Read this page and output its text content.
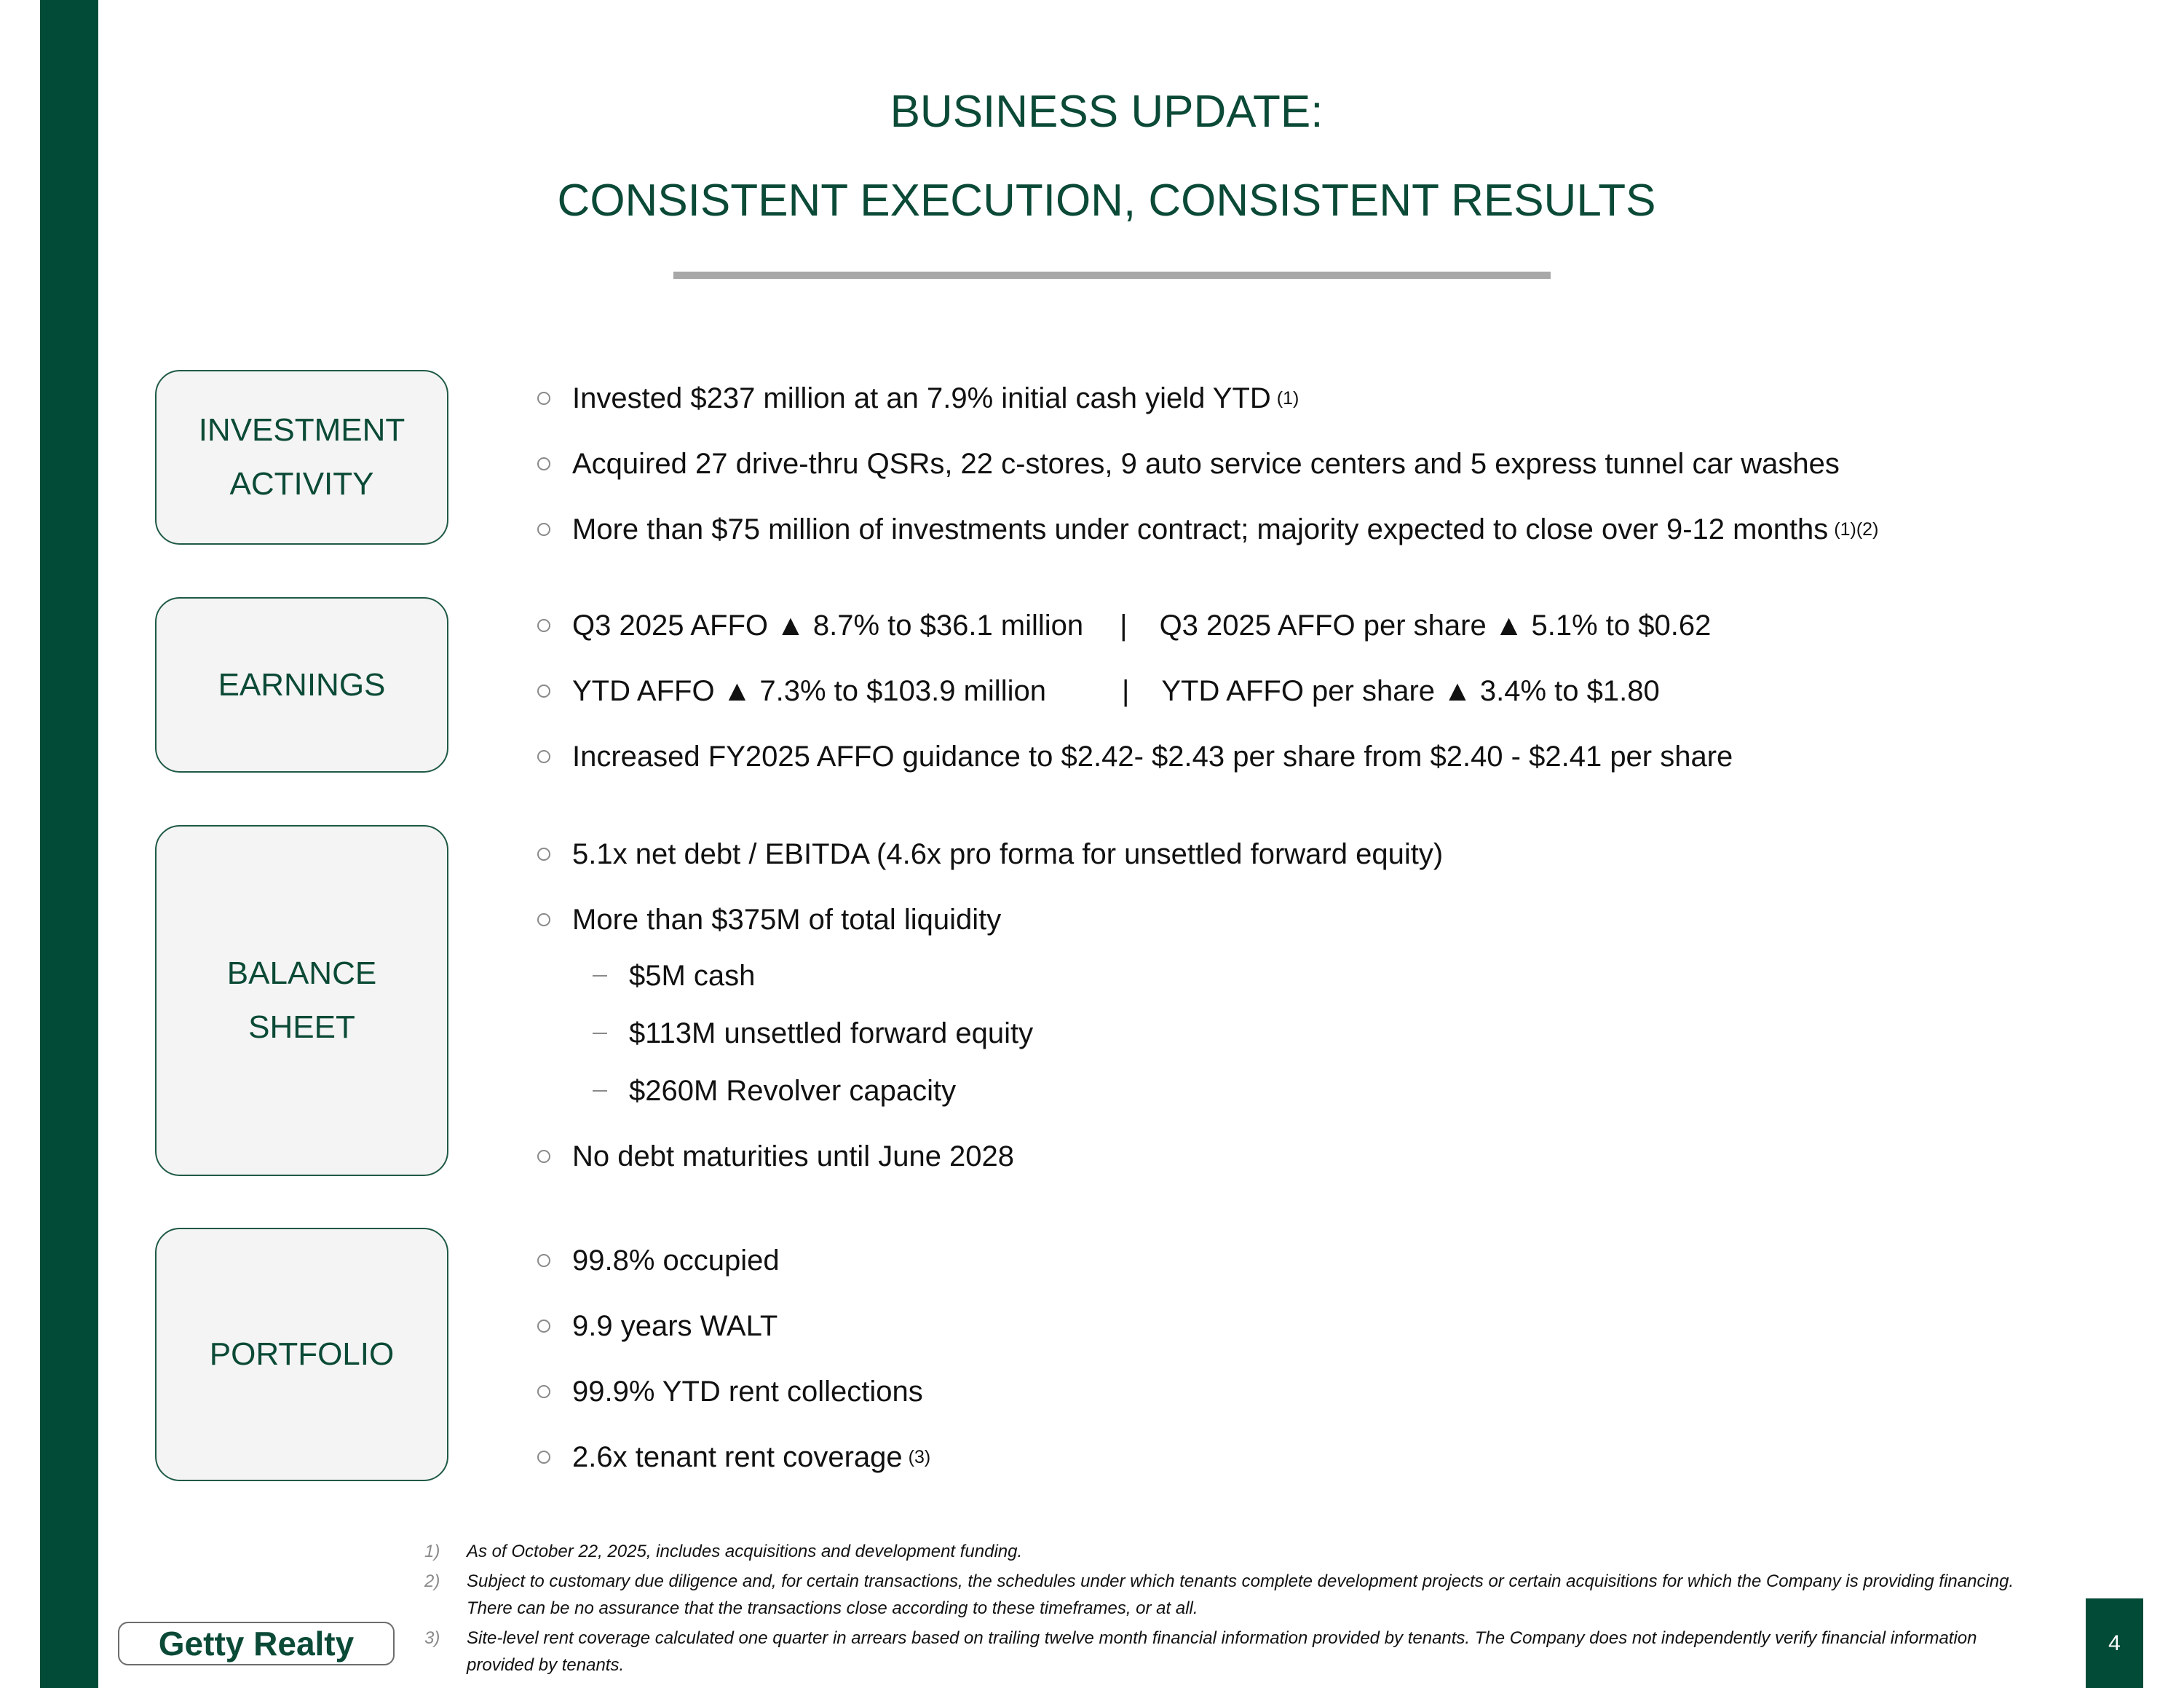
BUSINESS UPDATE:
CONSISTENT EXECUTION, CONSISTENT RESULTS
INVESTMENT
ACTIVITY
Invested $237 million at an 7.9% initial cash yield YTD (1)
Acquired 27 drive-thru QSRs, 22 c-stores, 9 auto service centers and 5 express tunnel car washes
More than $75 million of investments under contract; majority expected to close over 9-12 months (1)(2)
EARNINGS
Q3 2025 AFFO ▲ 8.7% to $36.1 million | Q3 2025 AFFO per share ▲ 5.1% to $0.62
YTD AFFO ▲ 7.3% to $103.9 million	| YTD AFFO per share ▲ 3.4% to $1.80
Increased FY2025 AFFO guidance to $2.42- $2.43 per share from $2.40 - $2.41 per share
BALANCE
SHEET
5.1x net debt / EBITDA (4.6x pro forma for unsettled forward equity)
More than $375M of total liquidity
$5M cash
$113M unsettled forward equity
$260M Revolver capacity
No debt maturities until June 2028
PORTFOLIO
99.8% occupied
9.9 years WALT
99.9% YTD rent collections
2.6x tenant rent coverage (3)
1)	As of October 22, 2025, includes acquisitions and development funding.
2)	Subject to customary due diligence and, for certain transactions, the schedules under which tenants complete development projects or certain acquisitions for which the Company is providing financing. There can be no assurance that the transactions close according to these timeframes, or at all.
3)	Site-level rent coverage calculated one quarter in arrears based on trailing twelve month financial information provided by tenants. The Company does not independently verify financial information provided by tenants.
Getty Realty	4
